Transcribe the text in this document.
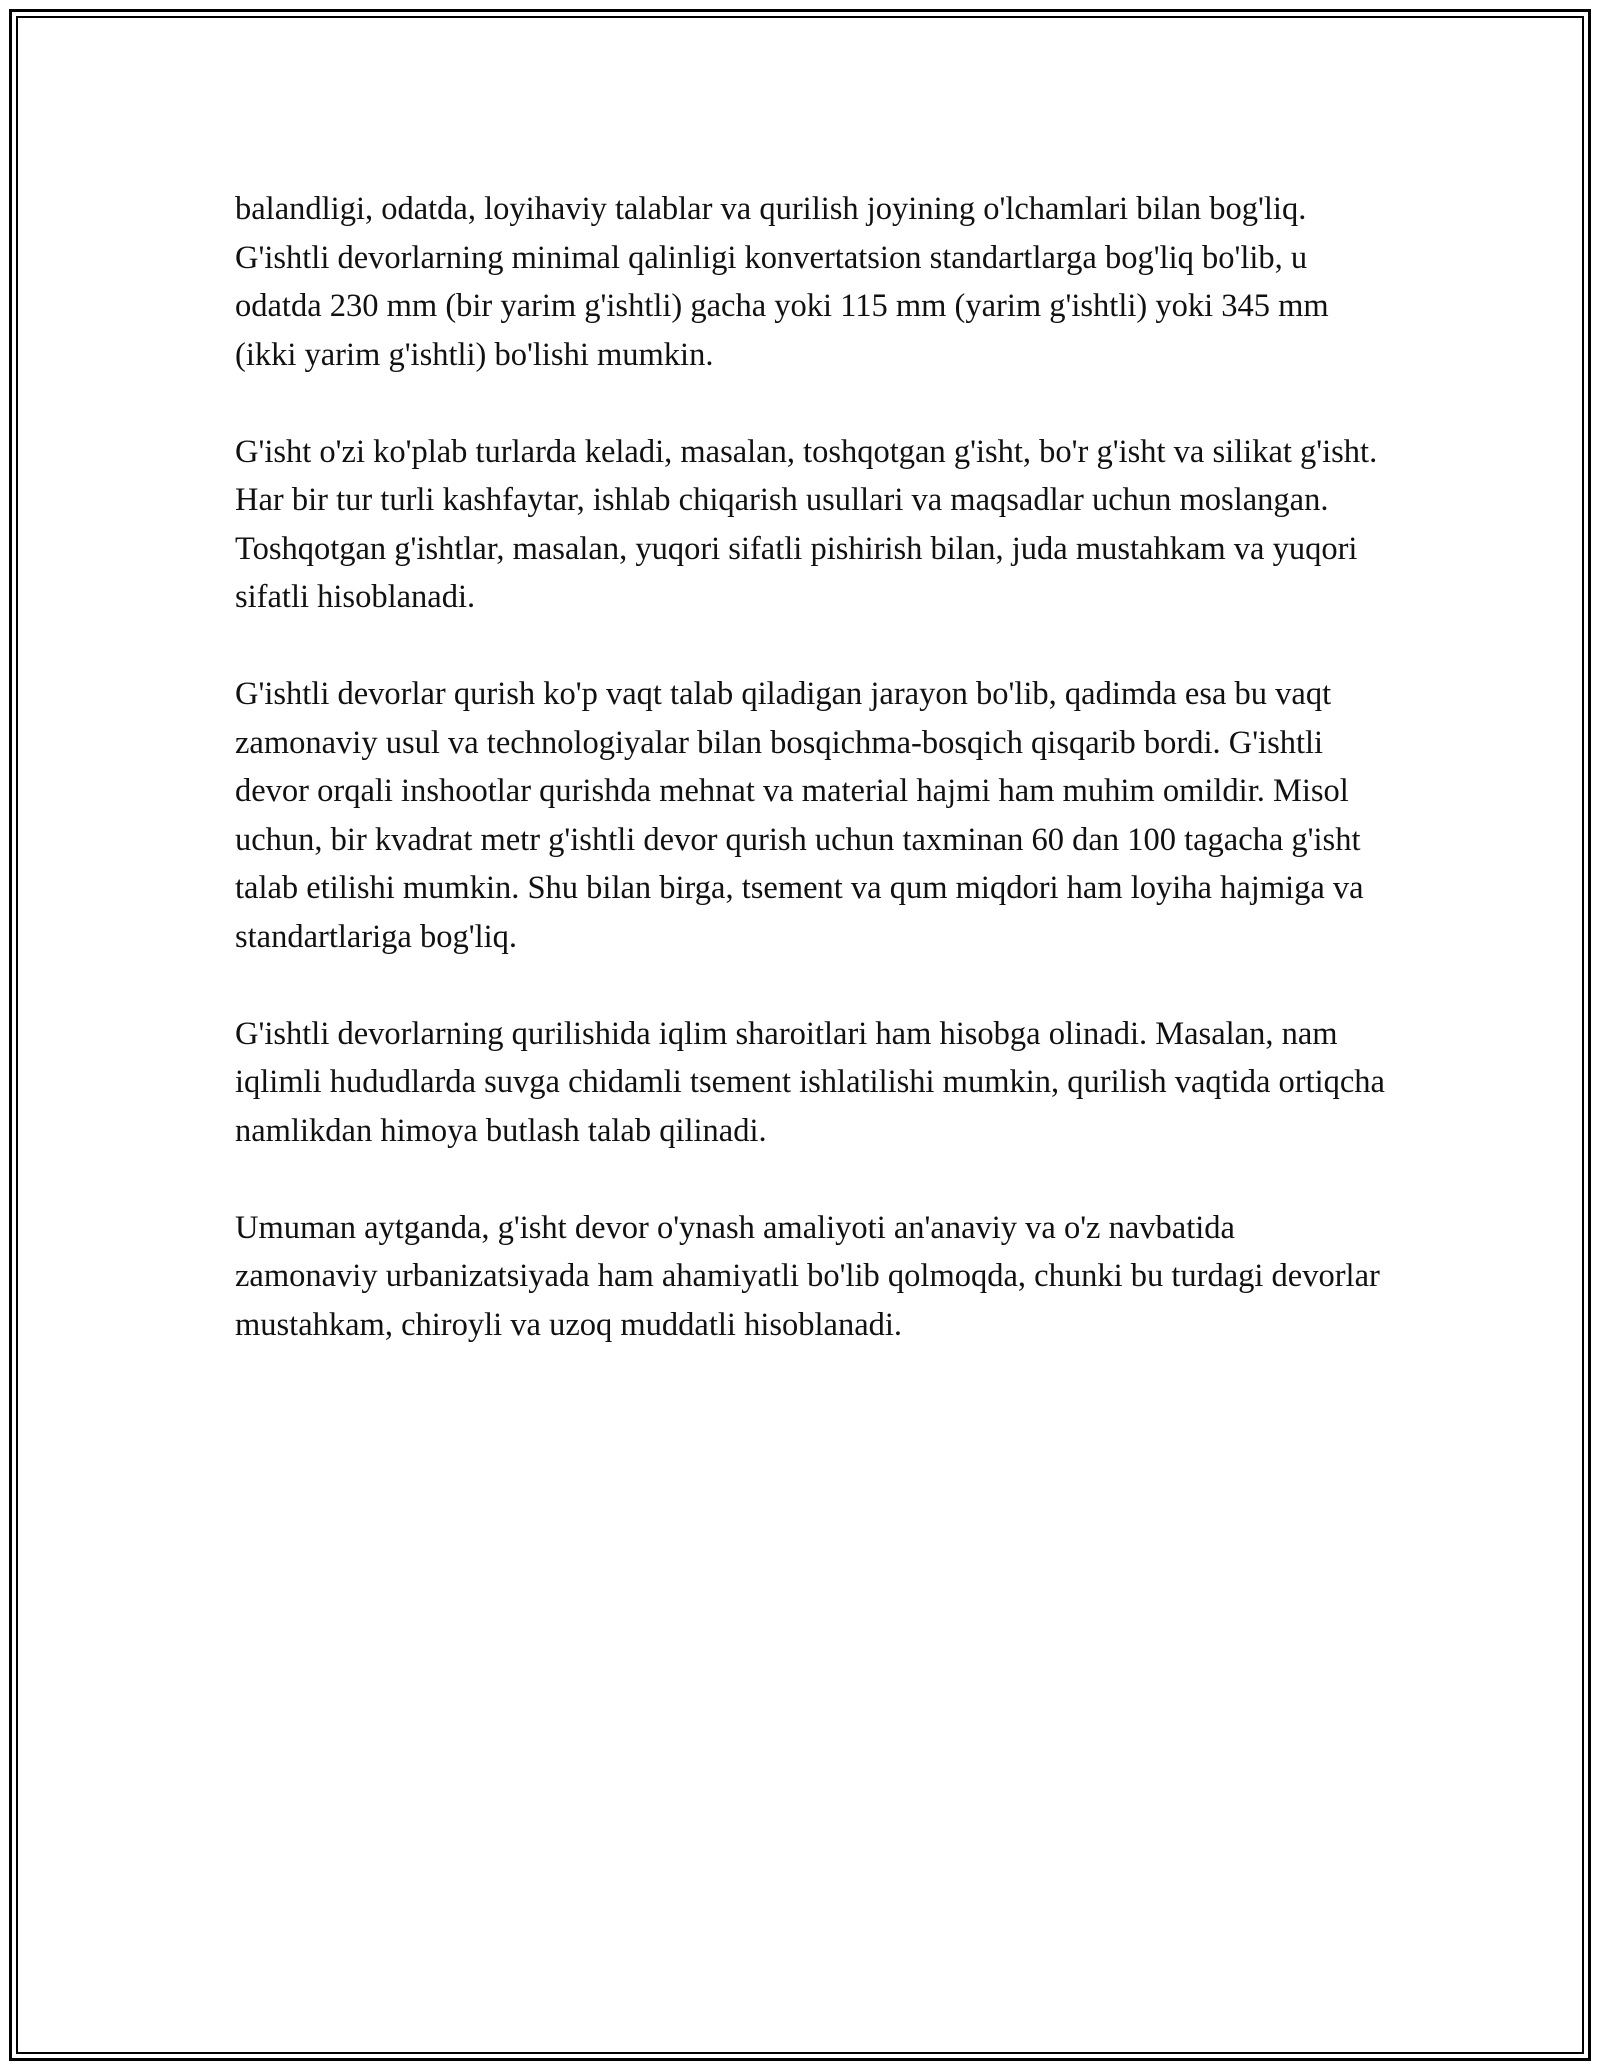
balandligi, odatda, loyihaviy talablar va qurilish joyining o'lchamlari bilan bog'liq. G'ishtli devorlarning minimal qalinligi konvertatsion standartlarga bog'liq bo'lib, u odatda 230 mm (bir yarim g'ishtli) gacha yoki 115 mm (yarim g'ishtli) yoki 345 mm (ikki yarim g'ishtli) bo'lishi mumkin.

G'isht o'zi ko'plab turlarda keladi, masalan, toshqotgan g'isht, bo'r g'isht va silikat g'isht. Har bir tur turli kashfaytar, ishlab chiqarish usullari va maqsadlar uchun moslangan. Toshqotgan g'ishtlar, masalan, yuqori sifatli pishirish bilan, juda mustahkam va yuqori sifatli hisoblanadi.

G'ishtli devorlar qurish ko'p vaqt talab qiladigan jarayon bo'lib, qadimda esa bu vaqt zamonaviy usul va technologiyalar bilan bosqichma-bosqich qisqarib bordi. G'ishtli devor orqali inshootlar qurishda mehnat va material hajmi ham muhim omildir. Misol uchun, bir kvadrat metr g'ishtli devor qurish uchun taxminan 60 dan 100 tagacha g'isht talab etilishi mumkin. Shu bilan birga, tsement va qum miqdori ham loyiha hajmiga va standartlariga bog'liq.

G'ishtli devorlarning qurilishida iqlim sharoitlari ham hisobga olinadi. Masalan, nam iqlimli hududlarda suvga chidamli tsement ishlatilishi mumkin, qurilish vaqtida ortiqcha namlikdan himoya butlash talab qilinadi.

Umuman aytganda, g'isht devor o'ynash amaliyoti an'anaviy va o'z navbatida zamonaviy urbanizatsiyada ham ahamiyatli bo'lib qolmoqda, chunki bu turdagi devorlar mustahkam, chiroyli va uzoq muddatli hisoblanadi.
